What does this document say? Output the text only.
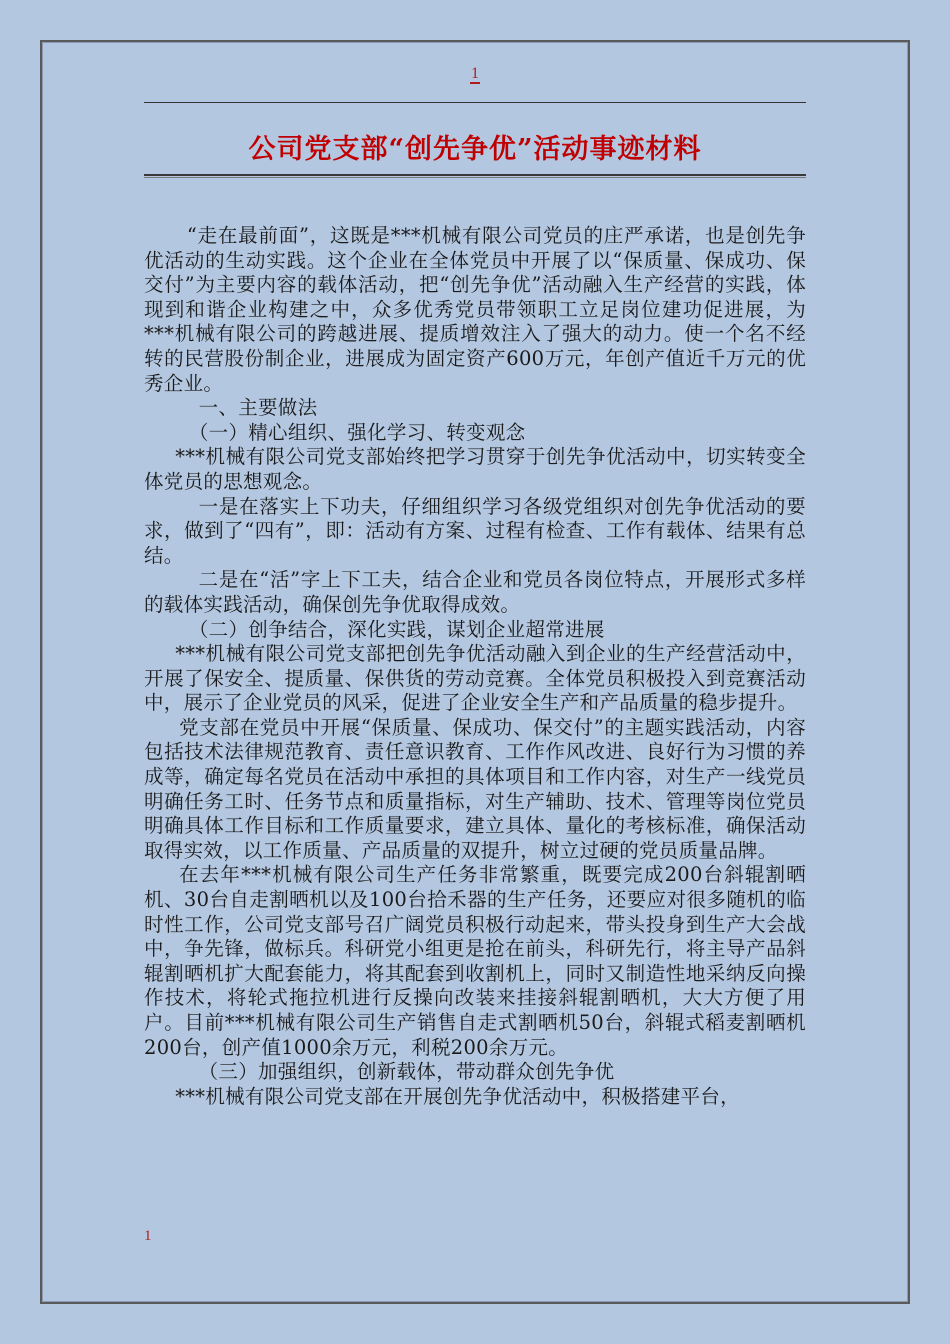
1
公司党支部“创先争优”活动事迹材料

“走在最前面”，这既是***机械有限公司党员的庄严承诺，也是创先争优活动的生动实践。这个企业在全体党员中开展了以“保质量、保成功、保交付”为主要内容的载体活动，把“创先争优”活动融入生产经营的实践，体现到和谐企业构建之中，众多优秀党员带领职工立足岗位建功促进展，为***机械有限公司的跨越进展、提质增效注入了强大的动力。使一个名不经转的民营股份制企业，进展成为固定资产600万元，年创产值近千万元的优秀企业。

一、主要做法

（一）精心组织、强化学习、转变观念

***机械有限公司党支部始终把学习贯穿于创先争优活动中，切实转变全体党员的思想观念。

一是在落实上下功夫，仔细组织学习各级党组织对创先争优活动的要求，做到了“四有”，即：活动有方案、过程有检查、工作有载体、结果有总结。

二是在“活”字上下工夫，结合企业和党员各岗位特点，开展形式多样的载体实践活动，确保创先争优取得成效。

（二）创争结合，深化实践，谋划企业超常进展

***机械有限公司党支部把创先争优活动融入到企业的生产经营活动中，开展了保安全、提质量、保供货的劳动竞赛。全体党员积极投入到竞赛活动中，展示了企业党员的风采，促进了企业安全生产和产品质量的稳步提升。

党支部在党员中开展“保质量、保成功、保交付”的主题实践活动，内容包括技术法律规范教育、责任意识教育、工作作风改进、良好行为习惯的养成等，确定每名党员在活动中承担的具体项目和工作内容，对生产一线党员明确任务工时、任务节点和质量指标，对生产辅助、技术、管理等岗位党员明确具体工作目标和工作质量要求，建立具体、量化的考核标准，确保活动取得实效，以工作质量、产品质量的双提升，树立过硬的党员质量品牌。

在去年***机械有限公司生产任务非常繁重，既要完成200台斜辊割晒机、30台自走割晒机以及100台拾禾器的生产任务，还要应对很多随机的临时性工作，公司党支部号召广阔党员积极行动起来，带头投身到生产大会战中，争先锋，做标兵。科研党小组更是抢在前头，科研先行，将主导产品斜辊割晒机扩大配套能力，将其配套到收割机上，同时又制造性地采纳反向操作技术，将轮式拖拉机进行反操向改装来挂接斜辊割晒机，大大方便了用户。目前***机械有限公司生产销售自走式割晒机50台，斜辊式稻麦割晒机200台，创产值1000余万元，利税200余万元。

（三）加强组织，创新载体，带动群众创先争优

***机械有限公司党支部在开展创先争优活动中，积极搭建平台，

1
